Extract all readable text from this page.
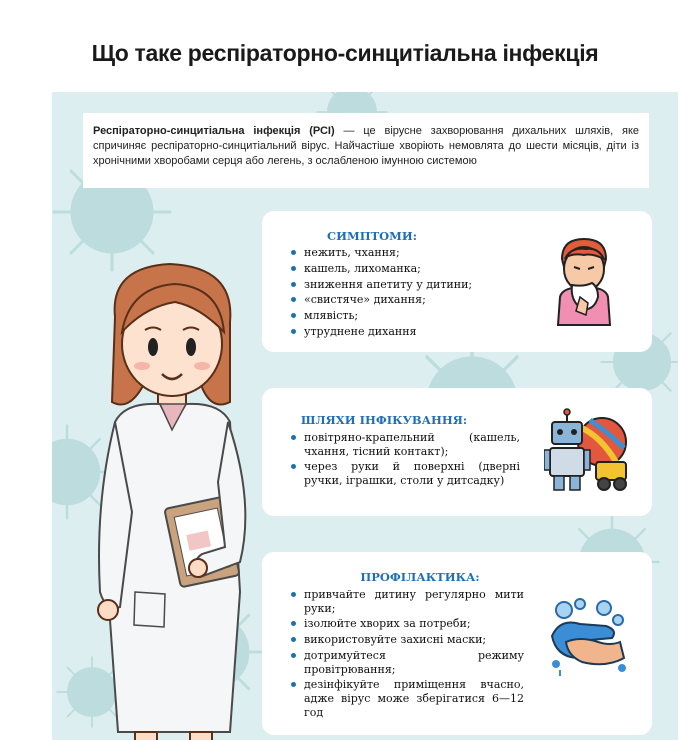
Що таке респіраторно-синцитіальна інфекція
Респіраторно-синцитіальна інфекція (РСІ) — це вірусне захворювання дихальних шляхів, яке спричиняє респіраторно-синцитіальний вірус. Найчастіше хворіють немовлята до шести місяців, діти із хронічними хворобами серця або легень, з ослабленою імунною системою
СИМПТОМИ:
нежить, чхання;
кашель, лихоманка;
зниження апетиту у дитини;
«свистяче» дихання;
млявість;
утруднене дихання
ШЛЯХИ ІНФІКУВАННЯ:
повітряно-крапельний (кашель, чхання, тісний контакт);
через руки й поверхні (дверні ручки, іграшки, столи у дитсадку)
ПРОФІЛАКТИКА:
привчайте дитину регулярно мити руки;
ізолюйте хворих за потреби;
використовуйте захисні маски;
дотримуйтеся режиму провітрювання;
дезінфікуйте приміщення вчасно, адже вірус може зберігатися 6—12 год
